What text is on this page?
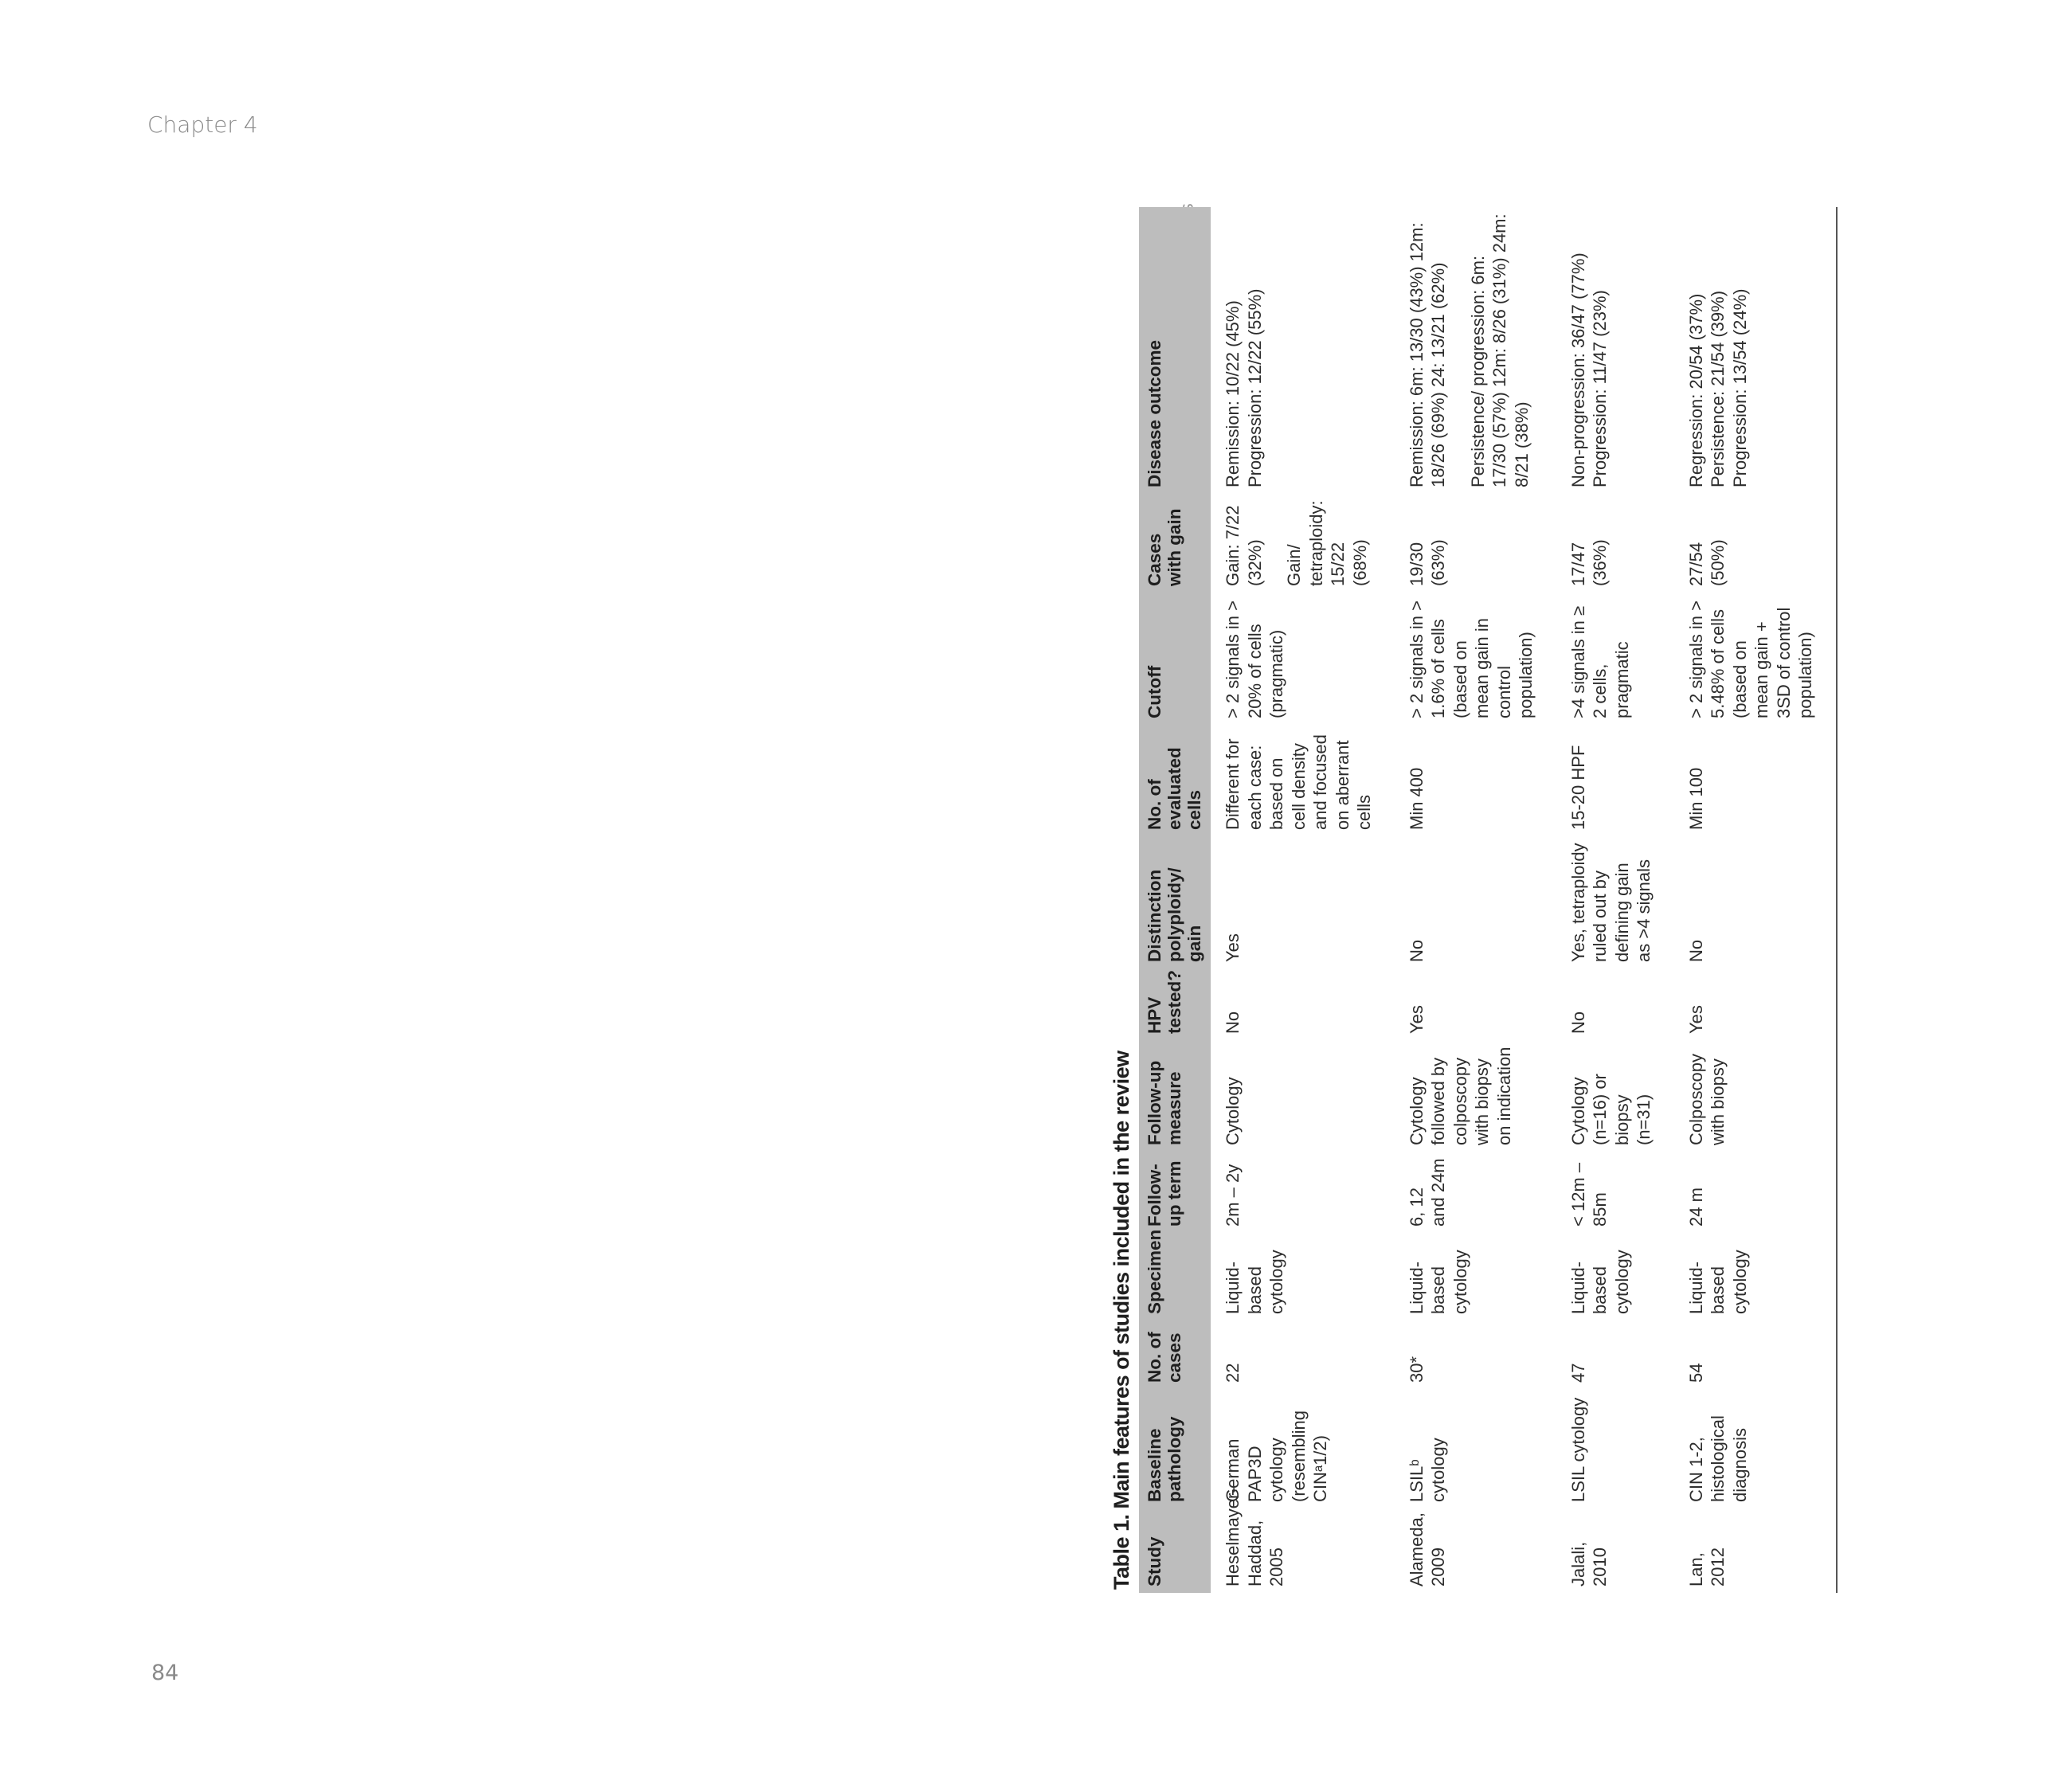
Chapter 4
84
table continues
Table 1. Main features of studies included in the review Study	Baseline pathology	No. of cases	Specimen	Follow-up term	Follow-up measure	HPV tested?	Distinction polyploidy/ gain	No. of evaluated cells	Cutoff	Cases with gain	Disease outcome
Heselmayer-Haddad, 2005	German PAP3D cytology (resembling CINᵃ1/2)	22	Liquid-based cytology	2m – 2y	Cytology	No	Yes	Different for each case: based on cell density and focused on aberrant cells	> 2 signals in > 20% of cells (pragmatic)	Gain: 7/22 (32%) Gain/ tetraploidy: 15/22 (68%)	Remission: 10/22 (45%) Progression: 12/22 (55%)

Alameda, 2009	LSILᵇ cytology	30*	Liquid-based cytology	6, 12 and 24m	Cytology followed by colposcopy with biopsy on indication	Yes	No	Min 400	> 2 signals in > 1.6% of cells (based on mean gain in control population)	19/30 (63%)	Remission: 6m: 13/30 (43%) 12m: 18/26 (69%) 24: 13/21 (62%) Persistence/ progression: 6m: 17/30 (57%) 12m: 8/26 (31%) 24m: 8/21 (38%)

Jalali, 2010	LSIL cytology	47	Liquid-based cytology	< 12m – 85m	Cytology (n=16) or biopsy (n=31)	No	Yes, tetraploidy ruled out by defining gain as >4 signals	15-20 HPF	>4 signals in ≥ 2 cells, pragmatic	17/47 (36%)	Non-progression: 36/47 (77%) Progression: 11/47 (23%)
Lan, 2012	CIN 1-2, histological diagnosis	54	Liquid-based cytology	24 m	Colposcopy with biopsy	Yes	No	Min 100	> 2 signals in > 5.48% of cells (based on mean gain + 3SD of control population)	27/54 (50%)	Regression: 20/54 (37%) Persistence: 21/54 (39%) Progression: 13/54 (24%)
